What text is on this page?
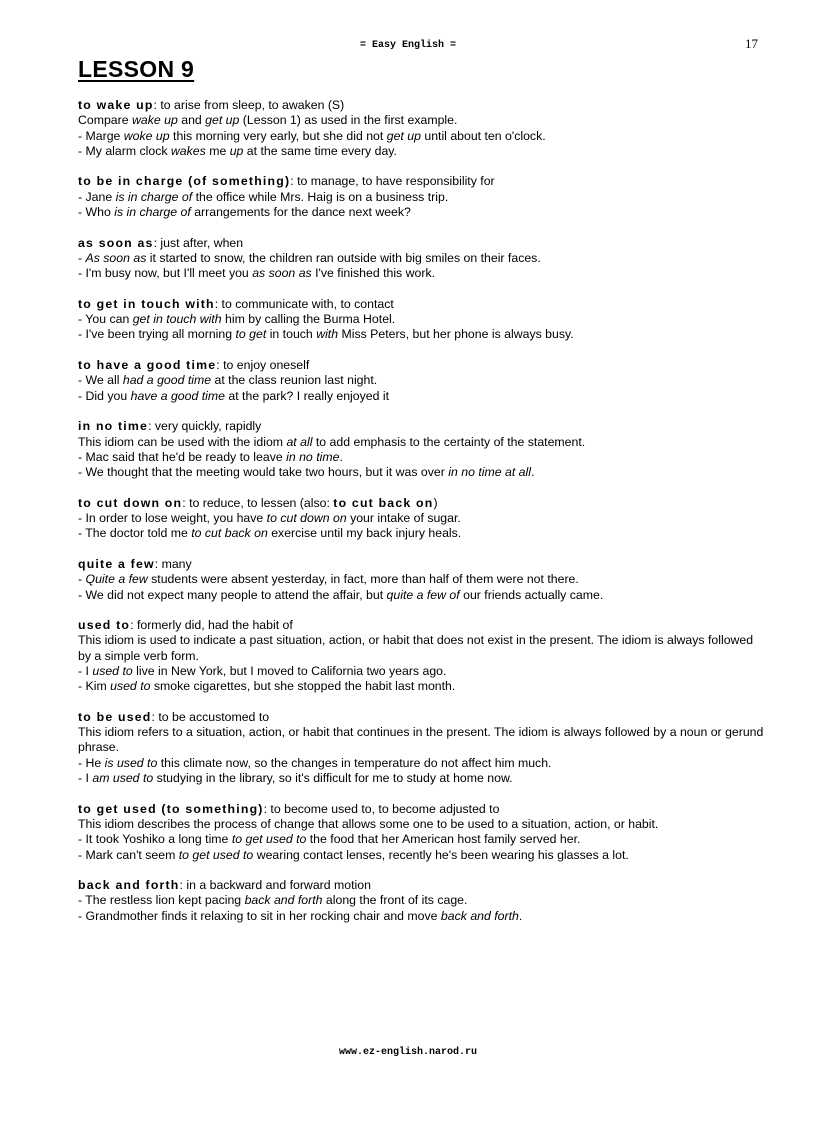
= Easy English =	17
LESSON 9
to wake up: to arise from sleep, to awaken (S)
Compare wake up and get up (Lesson 1) as used in the first example.
- Marge woke up this morning very early, but she did not get up until about ten o'clock.
- My alarm clock wakes me up at the same time every day.
to be in charge (of something): to manage, to have responsibility for
- Jane is in charge of the office while Mrs. Haig is on a business trip.
- Who is in charge of arrangements for the dance next week?
as soon as: just after, when
- As soon as it started to snow, the children ran outside with big smiles on their faces.
- I'm busy now, but I'll meet you as soon as I've finished this work.
to get in touch with: to communicate with, to contact
- You can get in touch with him by calling the Burma Hotel.
- I've been trying all morning to get in touch with Miss Peters, but her phone is always busy.
to have a good time: to enjoy oneself
- We all had a good time at the class reunion last night.
- Did you have a good time at the park? I really enjoyed it
in no time: very quickly, rapidly
This idiom can be used with the idiom at all to add emphasis to the certainty of the statement.
- Mac said that he'd be ready to leave in no time.
- We thought that the meeting would take two hours, but it was over in no time at all.
to cut down on: to reduce, to lessen (also: to cut back on)
- In order to lose weight, you have to cut down on your intake of sugar.
- The doctor told me to cut back on exercise until my back injury heals.
quite a few: many
- Quite a few students were absent yesterday, in fact, more than half of them were not there.
- We did not expect many people to attend the affair, but quite a few of our friends actually came.
used to: formerly did, had the habit of
This idiom is used to indicate a past situation, action, or habit that does not exist in the present. The idiom is always followed by a simple verb form.
- I used to live in New York, but I moved to California two years ago.
- Kim used to smoke cigarettes, but she stopped the habit last month.
to be used: to be accustomed to
This idiom refers to a situation, action, or habit that continues in the present. The idiom is always followed by a noun or gerund phrase.
- He is used to this climate now, so the changes in temperature do not affect him much.
- I am used to studying in the library, so it's difficult for me to study at home now.
to get used (to something): to become used to, to become adjusted to
This idiom describes the process of change that allows some one to be used to a situation, action, or habit.
- It took Yoshiko a long time to get used to the food that her American host family served her.
- Mark can't seem to get used to wearing contact lenses, recently he's been wearing his glasses a lot.
back and forth: in a backward and forward motion
- The restless lion kept pacing back and forth along the front of its cage.
- Grandmother finds it relaxing to sit in her rocking chair and move back and forth.
www.ez-english.narod.ru
